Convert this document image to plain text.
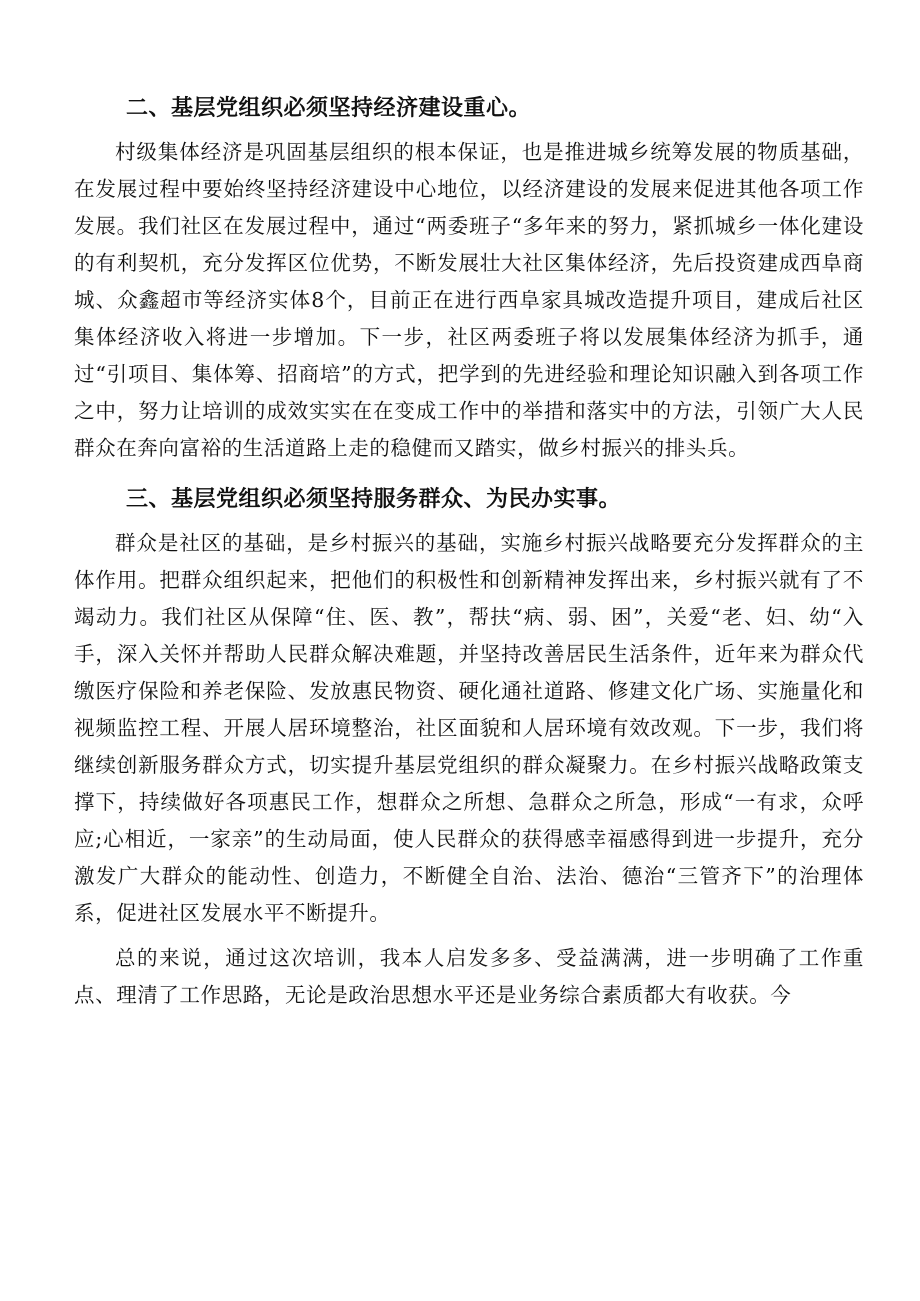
二、基层党组织必须坚持经济建设重心。

村级集体经济是巩固基层组织的根本保证，也是推进城乡统筹发展的物质基础，在发展过程中要始终坚持经济建设中心地位，以经济建设的发展来促进其他各项工作发展。我们社区在发展过程中，通过“两委班子“多年来的努力，紧抓城乡一体化建设的有利契机，充分发挥区位优势，不断发展壮大社区集体经济，先后投资建成西阜商城、众鑫超市等经济实体8个，目前正在进行西阜家具城改造提升项目，建成后社区集体经济收入将进一步增加。下一步，社区两委班子将以发展集体经济为抓手，通过“引项目、集体筹、招商培”的方式，把学到的先进经验和理论知识融入到各项工作之中，努力让培训的成效实实在在变成工作中的举措和落实中的方法，引领广大人民群众在奔向富裕的生活道路上走的稳健而又踏实，做乡村振兴的排头兵。

三、基层党组织必须坚持服务群众、为民办实事。

群众是社区的基础，是乡村振兴的基础，实施乡村振兴战略要充分发挥群众的主体作用。把群众组织起来，把他们的积极性和创新精神发挥出来，乡村振兴就有了不竭动力。我们社区从保障“住、医、教”，帮扶“病、弱、困”，关爱“老、妇、幼“入手，深入关怀并帮助人民群众解决难题，并坚持改善居民生活条件，近年来为群众代缴医疗保险和养老保险、发放惠民物资、硬化通社道路、修建文化广场、实施量化和视频监控工程、开展人居环境整治，社区面貌和人居环境有效改观。下一步，我们将继续创新服务群众方式，切实提升基层党组织的群众凝聚力。在乡村振兴战略政策支撑下，持续做好各项惠民工作，想群众之所想、急群众之所急，形成“一有求，众呼应;心相近，一家亲”的生动局面，使人民群众的获得感幸福感得到进一步提升，充分激发广大群众的能动性、创造力，不断健全自治、法治、德治“三管齐下”的治理体系，促进社区发展水平不断提升。

总的来说，通过这次培训，我本人启发多多、受益满满，进一步明确了工作重点、理清了工作思路，无论是政治思想水平还是业务综合素质都大有收获。今
